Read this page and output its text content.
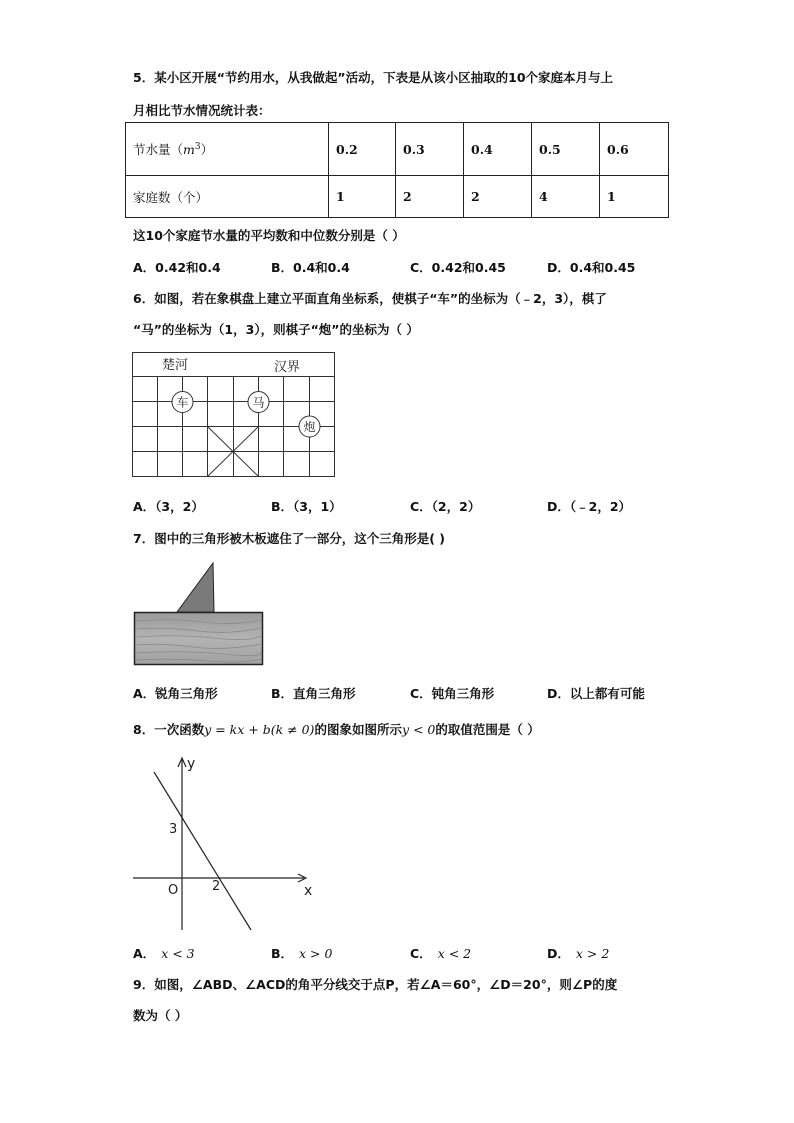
5．某小区开展“节约用水，从我做起”活动，下表是从该小区抽取的10个家庭本月与上
月相比节水情况统计表：
节水量$(m^3)$	0.2	0.3	0.4	0.5	0.6
家庭数（个）	1	2	2	4	1
这10个家庭节水量的平均数和中位数分别是（ ）
A．0.42和0.4	B．0.4和0.4	C．0.42和0.45	D．0.4和0.45
6．如图，若在象棋盘上建立平面直角坐标系，使棋子“车”的坐标为（﹣2，3），棋了
“马”的坐标为（1，3），则棋子“炮”的坐标为（ ）
楚河	汉界
车	马
炮
A．（3，2）	B．（3，1）	C．（2，2）	D．（﹣2，2）
7．图中的三角形被木板遮住了一部分，这个三角形是( )
A．锐角三角形	B．直角三角形	C．钝角三角形	D．以上都有可能
8．一次函数y = kx + b(k ≠ 0)的图象如图所示y < 0的取值范围是（ ）
y
x
O
3
2
A． x < 3	B． x > 0	C． x < 2	D． x > 2
9．如图，∠ABD、∠ACD的角平分线交于点P，若∠A＝60°，∠D＝20°，则∠P的度
数为（ ）
